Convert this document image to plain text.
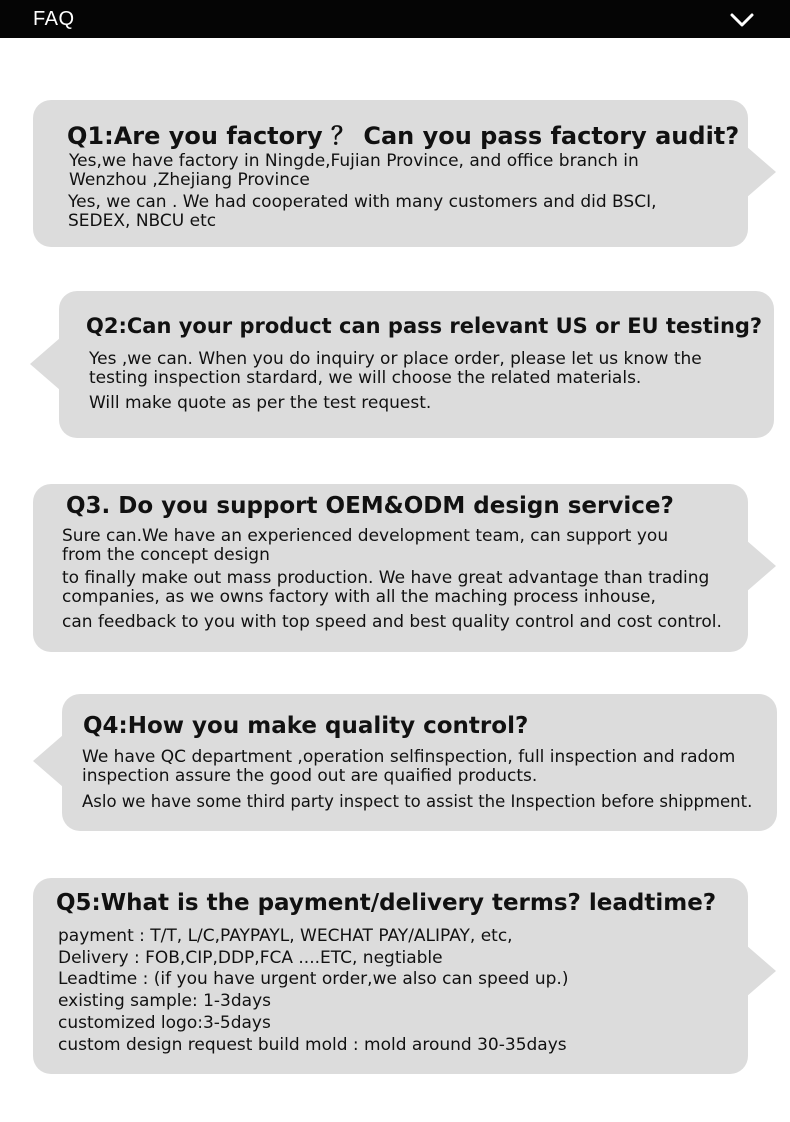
FAQ
Q1:Are you factory ？ Can you pass factory audit?
Yes,we have factory in Ningde,Fujian Province, and office branch in
Wenzhou ,Zhejiang Province
Yes, we can . We had cooperated with many customers and did BSCI,
SEDEX, NBCU etc
Q2:Can your product can pass relevant US or EU testing?
Yes ,we can. When you do inquiry or place order, please let us know the
testing inspection stardard, we will choose the related materials.
Will make quote as per the test request.
Q3. Do you support OEM&ODM design service?
Sure can.We have an experienced development team, can support you
from the concept design
to finally make out mass production. We have great advantage than trading
companies, as we owns factory with all the maching process inhouse,
can feedback to you with top speed and best quality control and cost control.
Q4:How you make quality control?
We have QC department ,operation selfinspection, full inspection and radom
inspection assure the good out are quaified products.
Aslo we have some third party inspect to assist the Inspection before shippment.
Q5:What is the payment/delivery terms? leadtime?
payment : T/T, L/C,PAYPAYL, WECHAT PAY/ALIPAY, etc,
Delivery : FOB,CIP,DDP,FCA ....ETC, negtiable
Leadtime : (if you have urgent order,we also can speed up.)
existing sample: 1-3days
customized logo:3-5days
custom design request build mold : mold around 30-35days
